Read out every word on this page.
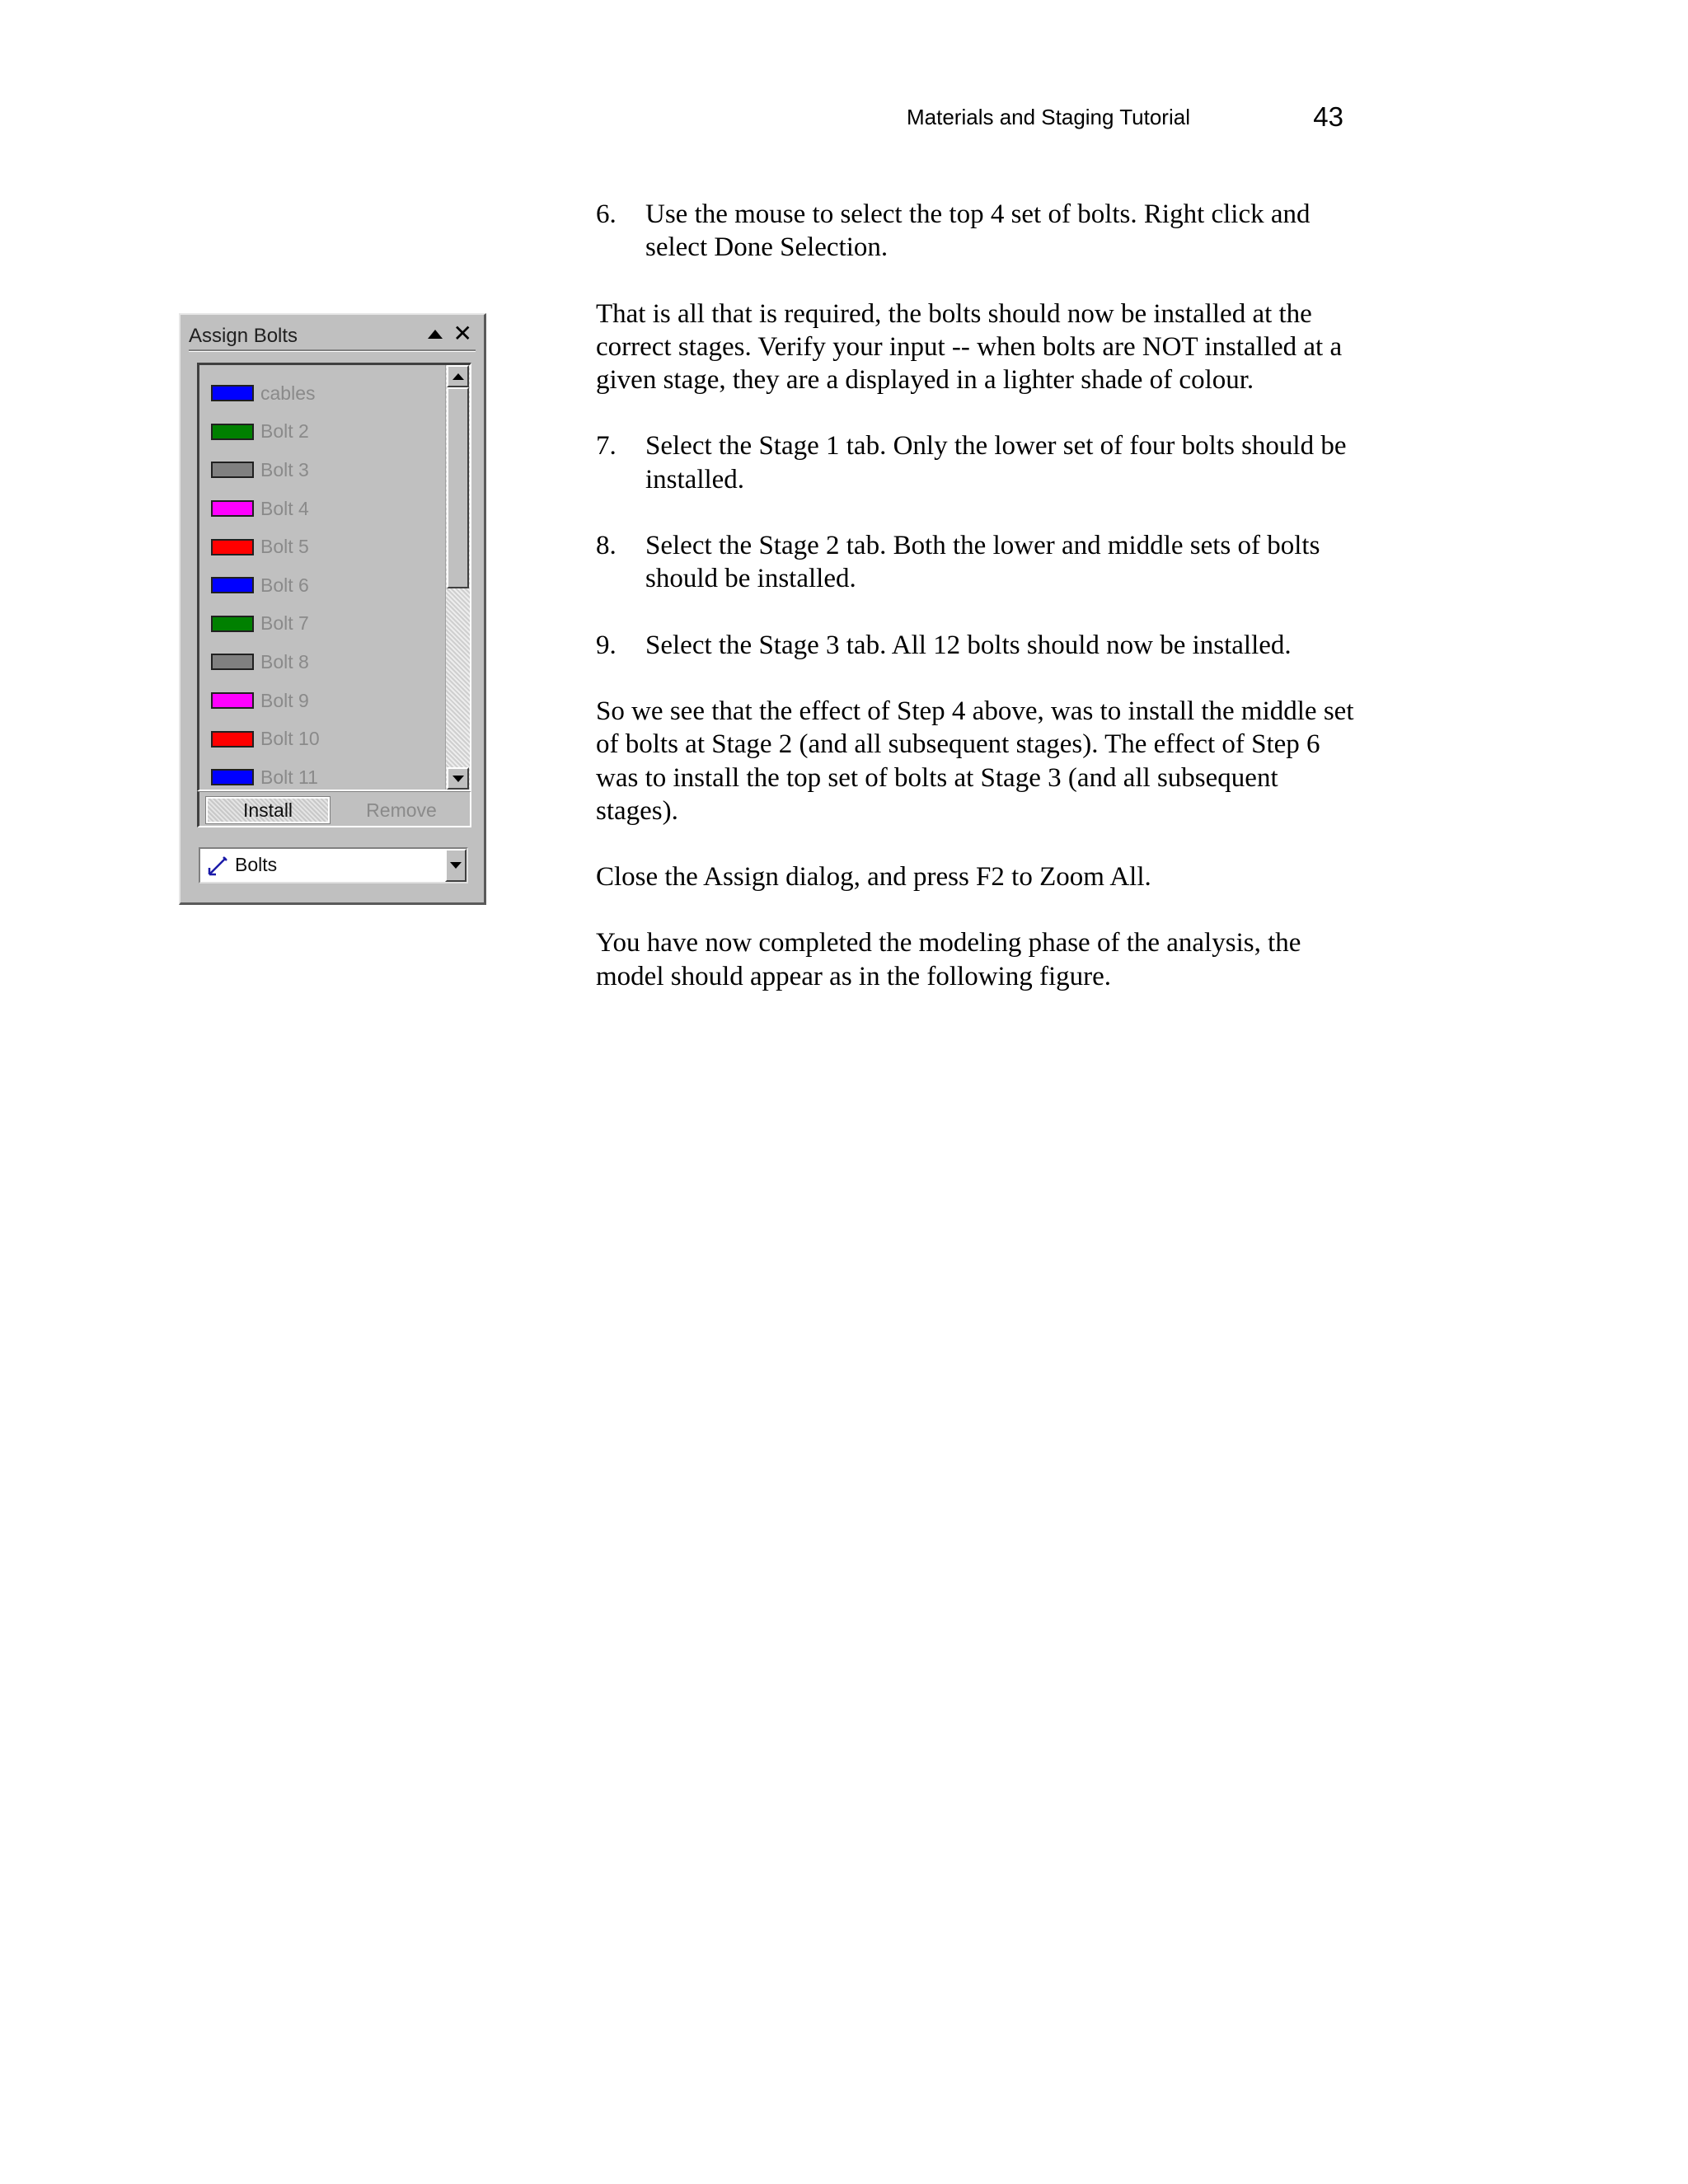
Materials and Staging Tutorial	43
Assign Bolts	✕
cables
Bolt 2
Bolt 3
Bolt 4
Bolt 5
Bolt 6
Bolt 7
Bolt 8
Bolt 9
Bolt 10
Bolt 11
Install	Remove
Bolts
6.	Use the mouse to select the top 4 set of bolts. Right click and select Done Selection.

That is all that is required, the bolts should now be installed at the correct stages. Verify your input -- when bolts are NOT installed at a given stage, they are a displayed in a lighter shade of colour.

7.	Select the Stage 1 tab. Only the lower set of four bolts should be installed.
8.	Select the Stage 2 tab. Both the lower and middle sets of bolts should be installed.
9.	Select the Stage 3 tab. All 12 bolts should now be installed.

So we see that the effect of Step 4 above, was to install the middle set of bolts at Stage 2 (and all subsequent stages). The effect of Step 6 was to install the top set of bolts at Stage 3 (and all subsequent stages).

Close the Assign dialog, and press F2 to Zoom All.

You have now completed the modeling phase of the analysis, the model should appear as in the following figure.
